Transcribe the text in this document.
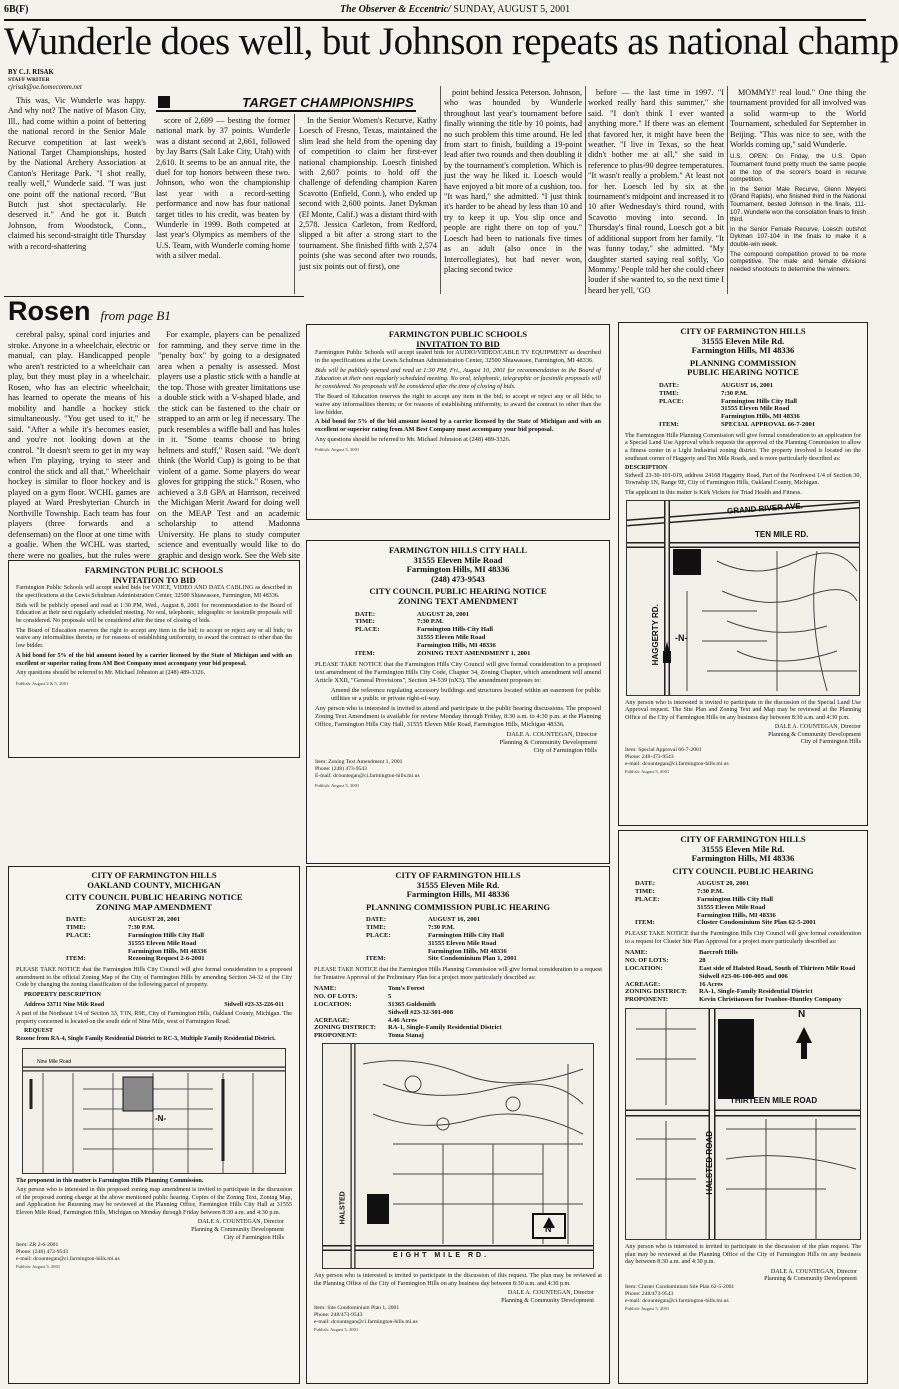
6B(F)	The Observer & Eccentric/ SUNDAY, AUGUST 5, 2001
Wunderle does well, but Johnson repeats as national champ
BY C.J. RISAK
STAFF WRITER
cjrisak@oe.homecomm.net
TARGET CHAMPIONSHIPS

This was, Vic Wunderle was happy. And why not? The native of Mason City, Ill., had come within a point of bettering the national record in the Senior Male Recurve competition at last week's National Target Championships, hosted by the National Archery Association at Canton's Heritage Park. "I shot really, really well," Wunderle said. "I was just one point off the national record. "But Butch just shot spectacularly. He deserved it." And he got it. Butch Johnson, from Woodstock, Conn., claimed his second-straight title Thursday with a record-shattering

score of 2,699 — besting the former national mark by 37 points. Wunderle was a distant second at 2,661, followed by Jay Barrs (Salt Lake City, Utah) with 2,610. It seems to be an annual rite, the duel for top honors between these two. Johnson, who won the championship last year with a record-setting performance and now has four national target titles to his credit, was beaten by Wunderle in 1999. Both competed at last year's Olympics as members of the U.S. Team, with Wunderle coming home with a silver medal.

In the Senior Women's Recurve, Kathy Loesch of Fresno, Texas, maintained the slim lead she held from the opening day of competition to claim her first-ever national championship. Loesch finished with 2,607 points to hold off the challenge of defending champion Karen Scavotto (Enfield, Conn.), who ended up second with 2,600 points. Janet Dykman (El Monte, Calif.) was a distant third with 2,578. Jessica Carleton, from Redford, slipped a bit after a strong start to the tournament. She finished fifth with 2,574 points (she was second after two rounds, just six points out of first), one

point behind Jessica Peterson. Johnson, who was hounded by Wunderle throughout last year's tournament before finally winning the title by 10 points, had no such problem this time around. He led from start to finish, building a 19-point lead after two rounds and then doubling it by the tournament's completion. Which is just the way he liked it. Loesch would have enjoyed a bit more of a cushion, too. "It was hard," she admitted. "I just think it's harder to be ahead by less than 10 and try to keep it up. You slip once and people are right there on top of you." Loesch had been to nationals five times as an adult (also once in the Intercollegiates), but had never won, placing second twice

before — the last time in 1997. "I worked really hard this summer," she said. "I don't think I ever wanted anything more." If there was an element that favored her, it might have been the weather. "I live in Texas, so the heat didn't bother me at all," she said in reference to plus-90 degree temperatures. "It wasn't really a problem." At least not for her. Loesch led by six at the tournament's midpoint and increased it to 10 after Wednesday's third round, with Scavotto moving into second. In Thursday's final round, Loesch got a bit of additional support from her family. "It was funny today," she admitted. "My daughter started saying real softly, 'Go Mommy.' People told her she could cheer louder if she wanted to, so the next time I heard her yell, 'GO

MOMMY!' real loud." One thing the tournament provided for all involved was a solid warm-up to the World Tournament, scheduled for September in Beijing. "This was nice to see, with the Worlds coming up," said Wunderle.

U.S. OPEN: On Friday, the U.S. Open Tournament found pretty much the same people at the top of the scorer's board in recurve competition.
In the Senior Male Recurve, Glenn Meyers (Grand Rapids), who finished third in the National Tournament, bested Johnson in the finals, 111-107. Wunderle won the consolation finals to finish third.
In the Senior Female Recurve, Loesch outshot Dykman 107-104 in the finals to make it a double-win week.
The compound competition proved to be more competitive. The male and female divisions needed shootouts to determine the winners.
Rosen from page B1

cerebral palsy, spinal cord injuries and stroke. Anyone in a wheelchair, electric or manual, can play. Handicapped people who aren't restricted to a wheelchair can play, but they must play in a wheelchair. Rosen, who has an electric wheelchair, has learned to operate the means of his mobility and handle a hockey stick simultaneously. "You get used to it," he said. "After a while it's becomes easier, and you're not looking down at the control. "It doesn't seem to get in my way when I'm playing, trying to steer and control the stick and all that." Wheelchair hockey is similar to floor hockey and is played on a gym floor. WCHL games are played at Ward Presbyterian Church in Northville Township. Each team has four players (three forwards and a defenseman) on the floor at one time with a goalie. When the WCHL was started, there were no goalies, but the rules were

For example, players can be penalized for ramming, and they serve time in the "penalty box" by going to a designated area when a penalty is assessed. Most players use a plastic stick with a handle at the top. Those with greater limitations use a double stick with a V-shaped blade, and the stick can be fastened to the chair or strapped to an arm or leg if necessary. The puck resembles a wiffle ball and has holes in it. "Some teams choose to bring helmets and stuff," Rosen said. "We don't think (the World Cup) is going to be that violent of a game. Some players do wear gloves for gripping the stick." Rosen, who achieved a 3.8 GPA at Harrison, received the Michigan Merit Award for doing well on the MEAP Test and an academic scholarship to attend Madonna University. He plans to study computer science and eventually would like to do graphic and design work. See the Web site

FARMINGTON PUBLIC SCHOOLS
INVITATION TO BID

Farmington Public Schools will accept sealed bids for AUDIO/VIDEO/CABLE TV EQUIPMENT as described in the specifications at the Lewis Schulman Administration Center, 32500 Shiawassee, Farmington, MI 48336.

Bids will be publicly opened and read at 1:30 PM, Fri., August 10, 2001 for recommendation to the Board of Education at their next regularly scheduled meeting. No oral, telephonic, telegraphic or facsimile proposals will be considered. No proposals will be considered after the time of closing of bids.

The Board of Education reserves the right to accept any item in the bid; to accept or reject any or all bids; to waive any informalities therein; or for reasons of establishing uniformity, to award the contract to other than the low bidder.

A bid bond for 5% of the bid amount issued by a carrier licensed by the State of Michigan and with an excellent or superior rating from AM Best Company must accompany your bid proposal.

Any questions should be referred to Mr. Michael Johnston at (248) 489-3326.

Publish: August 5, 2001
FARMINGTON HILLS CITY HALL
31555 Eleven Mile Road
Farmington Hills, MI 48336
(248) 473-9543
CITY COUNCIL PUBLIC HEARING NOTICE
ZONING TEXT AMENDMENT
DATE:	AUGUST 20, 2001
TIME:	7:30 P.M.
PLACE:	Farmington Hills City Hall
31555 Eleven Mile Road
Farmington Hills, MI 48336
ITEM:	ZONING TEXT AMENDMENT 1, 2001

PLEASE TAKE NOTICE that the Farmington Hills City Council will give formal consideration to a proposed text amendment of the Farmington Hills City Code, Chapter 34, Zoning Chapter, which amendment will amend Article XXII, "General Provisions", Section 34-539 (nX3). The amendment proposes to:

Amend the reference regulating accessory buildings and structures located within an easement for public utilities or a public or private right-of-way.

Any person who is interested is invited to attend and participate in the public hearing discussions. The proposed Zoning Text Amendment is available for review Monday through Friday, 8:30 a.m. to 4:30 p.m. at the Planning Office, Farmington Hills City Hall, 31555 Eleven Mile Road, Farmington Hills, Michigan 48336.

DALE A. COUNTEGAN, Director
Planning & Community Development
City of Farmington Hills
Item: Zoning Text Amendment 1, 2001
Phone: (248) 473-9543
E-mail: dcountegan@ci.farmington-hills.mi.us
Publish: August 5, 2001
FARMINGTON PUBLIC SCHOOLS
INVITATION TO BID

Farmington Public Schools will accept sealed bids for VOICE, VIDEO AND DATA CABLING as described in the specifications at the Lewis Schulman Administration Center, 32500 Shiawassee, Farmington, MI 48336.

Bids will be publicly opened and read at 1:30 PM, Wed., August 8, 2001 for recommendation to the Board of Education at their next regularly scheduled meeting. No oral, telephonic, telegraphic or facsimile proposals will be considered. No proposals will be considered after the time of closing of bids.

The Board of Education reserves the right to accept any item in the bid; to accept or reject any or all bids; to waive any informalities therein; or for reasons of establishing uniformity, to award the contract to other than the low bidder.

A bid bond for 5% of the bid amount issued by a carrier licensed by the State of Michigan and with an excellent or superior rating from AM Best Company must accompany your bid proposal.

Any questions should be referred to Mr. Michael Johnston at (248) 489-3326.

Publish: August 2 & 5, 2001
CITY OF FARMINGTON HILLS
31555 Eleven Mile Rd.
Farmington Hills, MI 48336
PLANNING COMMISSION
PUBLIC HEARING NOTICE
DATE:	AUGUST 16, 2001
TIME:	7:30 P.M.
PLACE:	Farmington Hills City Hall
31555 Eleven Mile Road
Farmington Hills, MI 48336
ITEM:	SPECIAL APPROVAL 66-7-2001

The Farmington Hills Planning Commission will give formal consideration to an application for a Special Land Use Approval which requests the approval of the Planning Commission to allow a fitness center in a Light Industrial zoning district. The property involved is located on the southeast corner of Haggerty and Ten Mile Roads, and is more particularly described as:

DESCRIPTION

Sidwell 23-30-101-019, address 24168 Haggerty Road, Part of the Northwest 1/4 of Section 30, Township 1N, Range 9E, City of Farmington Hills, Oakland County, Michigan.

The applicant in this matter is Kirk Vickers for Triad Health and Fitness.

GRAND RIVER AVE.
TEN MILE RD.
HAGGERTY RD. -N-

Any person who is interested is invited to participate in the discussion of the Special Land Use Approval request. The Site Plan and Zoning Text and Map may be reviewed at the Planning Office of the City of Farmington Hills on any business day between 8:30 a.m. and 4:30 p.m.

DALE A. COUNTEGAN, Director
Planning & Community Development
City of Farmington Hills
Item: Special Approval 66-7-2001
Phone: 248-473-9543
e-mail: dcountegan@ci.farmington-hills.mi.us
Publish: August 5, 2001
CITY OF FARMINGTON HILLS
OAKLAND COUNTY, MICHIGAN
CITY COUNCIL PUBLIC HEARING NOTICE
ZONING MAP AMENDMENT
DATE:	AUGUST 20, 2001
TIME:	7:30 P.M.
PLACE:	Farmington Hills City Hall
31555 Eleven Mile Road
Farmington Hills, MI 48336
ITEM:	Rezoning Request 2-6-2001

PLEASE TAKE NOTICE that the Farmington Hills City Council will give formal consideration to a proposed amendment to the official Zoning Map of the City of Farmington Hills by amending Section 34-32 of the City Code by changing the zoning classification of the following parcel of property.

PROPERTY DESCRIPTION
Address 33711 Nine Mile Road	Sidwell #23-33-226-011

A part of the Northeast 1/4 of Section 33, T1N, R9E, City of Farmington Hills, Oakland County, Michigan. The property concerned is located on the south side of Nine Mile, west of Farmington Road.

REQUEST

Rezone from RA-4, Single Family Residential District to RC-3, Multiple Family Residential District.

Nine Mile Road
-N-

The proponent in this matter is Farmington Hills Planning Commission.

Any person who is interested in this proposed zoning map amendment is invited to participate in the discussion of the proposed zoning change at the above mentioned public hearing. Copies of the Zoning Text, Zoning Map, and Application for Rezoning may be reviewed at the Planning Office, Farmington Hills City Hall at 31555 Eleven Mile Road, Farmington Hills, Michigan on Monday through Friday between 8:30 a.m. and 4:30 p.m.

DALE A. COUNTEGAN, Director
Planning & Community Development
City of Farmington Hills
Item: ZR 2-6-2001
Phone: (248) 473-9543
e-mail: dcountegan@ci.farmington-hills.mi.us
Publish: August 5, 2001
CITY OF FARMINGTON HILLS
31555 Eleven Mile Rd.
Farmington Hills, MI 48336
PLANNING COMMISSION PUBLIC HEARING
DATE:	AUGUST 16, 2001
TIME:	7:30 P.M.
PLACE:	Farmington Hills City Hall
31555 Eleven Mile Road
Farmington Hills, MI 48336
ITEM:	Site Condominium Plan 1, 2001

PLEASE TAKE NOTICE that the Farmington Hills Planning Commission will give formal consideration to a request for Tentative Approval of the Preliminary Plan for a project more particularly described as:

NAME:	Tom's Forest
NO. OF LOTS:	5
LOCATION:	31365 Goldsmith
Sidwell #23-32-301-008
ACREAGE:	4.46 Acres
ZONING DISTRICT:	RA-1, Single-Family Residential District
PROPONENT:	Toma Stanaj
HALSTED
EIGHT MILE RD.
N

Any person who is interested is invited to participate in the discussion of this request. The plan may be reviewed at the Planning Office of the City of Farmington Hills on any business day between 8:30 a.m. and 4:30 p.m.

DALE A. COUNTEGAN, Director
Planning & Community Development
Item: Site Condominium Plan 1, 2001
Phone: 248/473-9543
e-mail: dcountegan@ci.farmington-hills.mi.us
Publish: August 5, 2001
CITY OF FARMINGTON HILLS
31555 Eleven Mile Rd.
Farmington Hills, MI 48336
CITY COUNCIL PUBLIC HEARING
DATE:	AUGUST 20, 2001
TIME:	7:30 P.M.
PLACE:	Farmington Hills City Hall
31555 Eleven Mile Road
Farmington Hills, MI 48336
ITEM:	Cluster Condominium Site Plan 62-5-2001

PLEASE TAKE NOTICE that the Farmington Hills City Council will give formal consideration to a request for Cluster Site Plan Approval for a project more particularly described as:

NAME:	Barcroft Hills
NO. OF LOTS:	28
LOCATION:	East side of Halsted Road, South of Thirteen Mile Road
Sidwell #23-06-100-005 and 006
ACREAGE:	16 Acres
ZONING DISTRICT:	RA-1, Single-Family Residential District
PROPONENT:	Kevin Christiansen for Ivanhoe-Huntley Company
N
THIRTEEN MILE ROAD
HALSTED ROAD

Any person who is interested is invited to participate in the discussion of the plan request. The plan may be reviewed at the Planning Office of the City of Farmington Hills on any business day between 8:30 a.m. and 4:30 p.m.

DALE A. COUNTEGAN, Director
Planning & Community Development
Item: Cluster Condominium Site Plan 62-5-2001
Phone: 248/473-9543
e-mail: dcountegan@ci.farmington-hills.mi.us
Publish: August 5, 2001
